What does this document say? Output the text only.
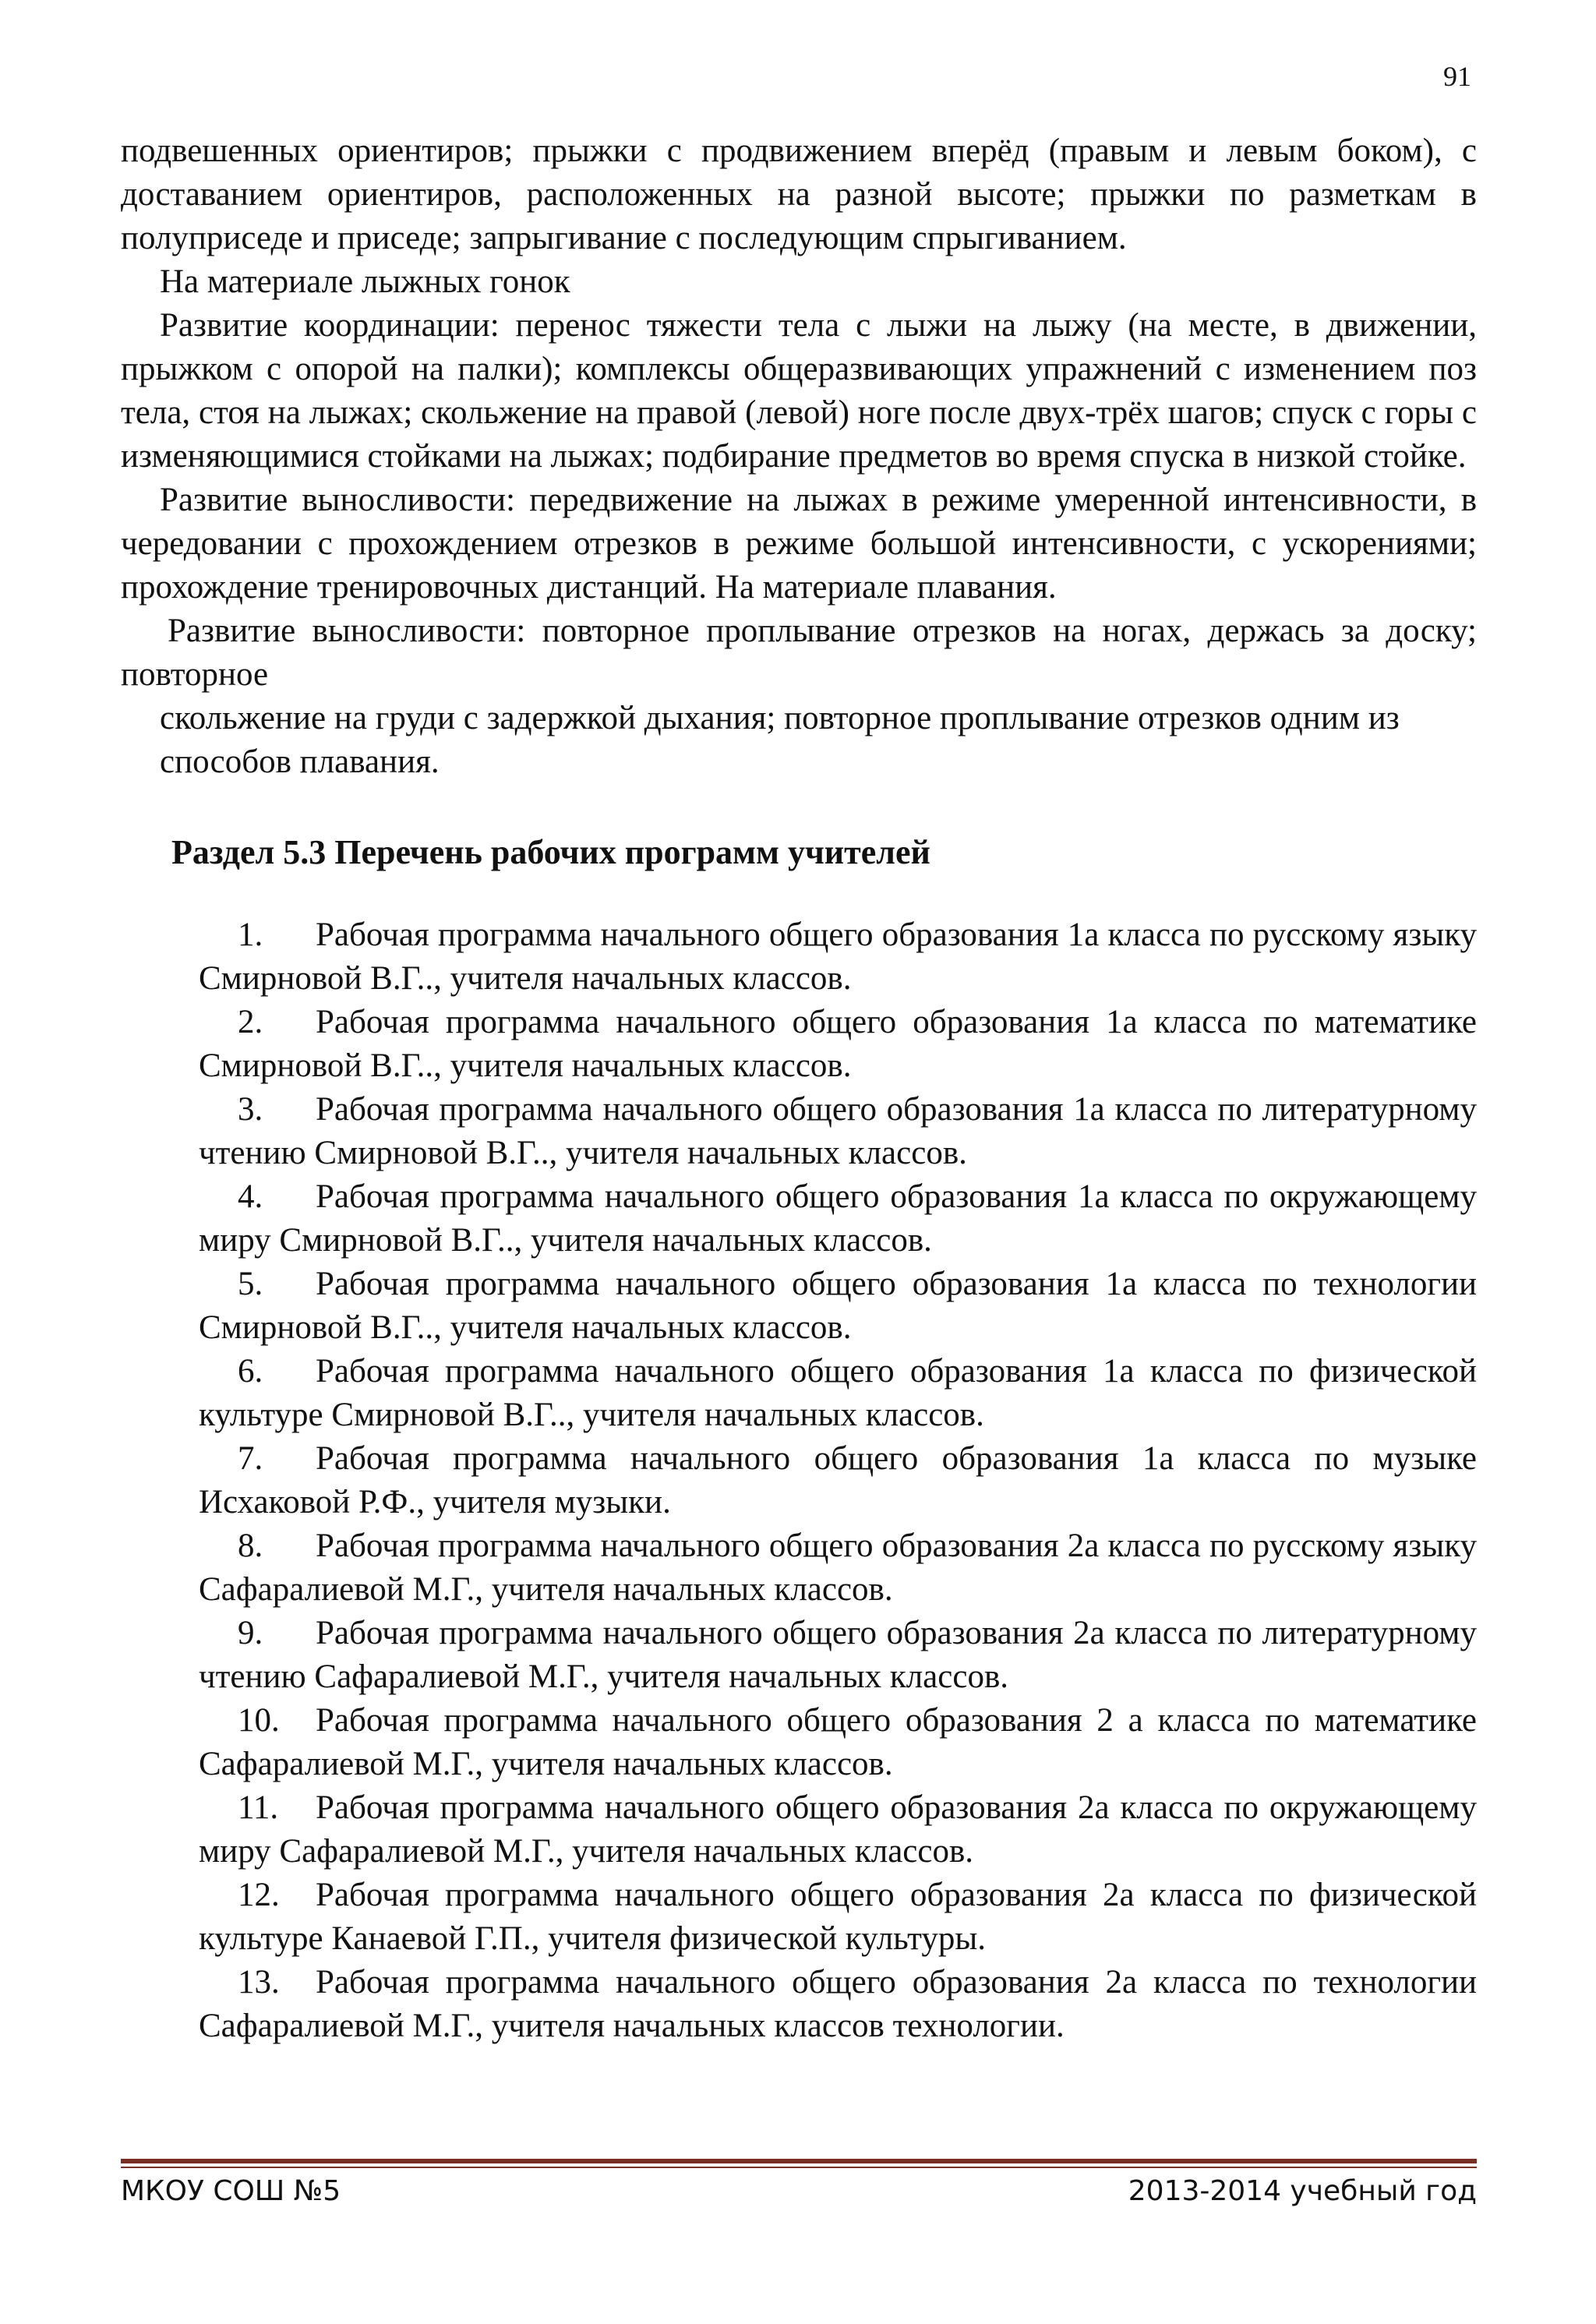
91

подвешенных ориентиров; прыжки с продвижением вперёд (правым и левым боком), с доставанием ориентиров, расположенных на разной высоте; прыжки по разметкам в полуприседе и приседе; запрыгивание с последующим спрыгиванием.

На материале лыжных гонок

Развитие координации: перенос тяжести тела с лыжи на лыжу (на месте, в движении, прыжком с опорой на палки); комплексы общеразвивающих упражнений с изменением поз тела, стоя на лыжах; скольжение на правой (левой) ноге после двух-трёх шагов; спуск с горы с изменяющимися стойками на лыжах; подбирание предметов во время спуска в низкой стойке.

Развитие выносливости: передвижение на лыжах в режиме умеренной интенсивности, в чередовании с прохождением отрезков в режиме большой интенсивности, с ускорениями; прохождение тренировочных дистанций. На материале плавания.

Развитие выносливости: повторное проплывание отрезков на ногах, держась за доску; повторное

скольжение на груди с задержкой дыхания; повторное проплывание отрезков одним из способов плавания.

Раздел 5.3 Перечень рабочих программ учителей
1. Рабочая программа начального общего образования 1а класса по русскому языку Смирновой В.Г.., учителя начальных классов.
2. Рабочая программа начального общего образования 1а класса по математике Смирновой В.Г.., учителя начальных классов.
3. Рабочая программа начального общего образования 1а класса по литературному чтению Смирновой В.Г.., учителя начальных классов.
4. Рабочая программа начального общего образования 1а класса по окружающему миру Смирновой В.Г.., учителя начальных классов.
5. Рабочая программа начального общего образования 1а класса по технологии Смирновой В.Г.., учителя начальных классов.
6. Рабочая программа начального общего образования 1а класса по физической культуре Смирновой В.Г.., учителя начальных классов.
7. Рабочая программа начального общего образования 1а класса по музыке Исхаковой Р.Ф., учителя музыки.
8. Рабочая программа начального общего образования 2а класса по русскому языку Сафаралиевой М.Г., учителя начальных классов.
9. Рабочая программа начального общего образования 2а класса по литературному чтению Сафаралиевой М.Г., учителя начальных классов.
10. Рабочая программа начального общего образования 2 а класса по математике Сафаралиевой М.Г., учителя начальных классов.
11. Рабочая программа начального общего образования 2а класса по окружающему миру Сафаралиевой М.Г., учителя начальных классов.
12. Рабочая программа начального общего образования 2а класса по физической культуре Канаевой Г.П., учителя физической культуры.
13. Рабочая программа начального общего образования 2а класса по технологии Сафаралиевой М.Г., учителя начальных классов технологии.
МКОУ СОШ №5	2013-2014 учебный год
